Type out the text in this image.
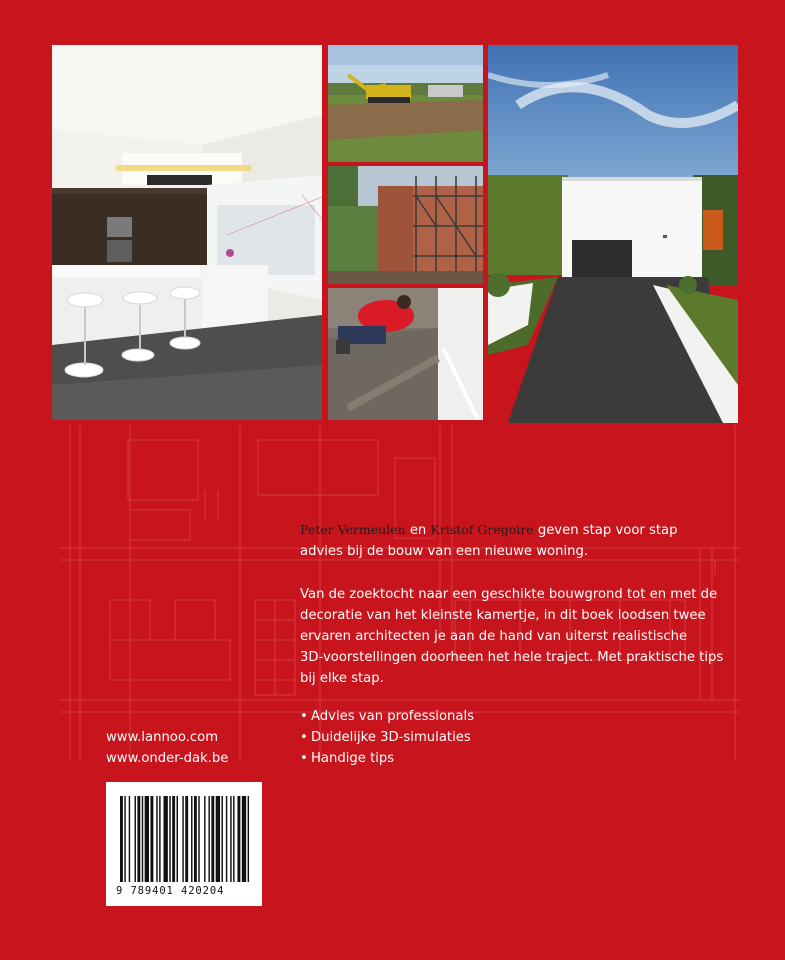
Peter Vermeulen en Kristof Gregoire geven stap voor stap
advies bij de bouw van een nieuwe woning.
Van de zoektocht naar een geschikte bouwgrond tot en met de
decoratie van het kleinste kamertje, in dit boek loodsen twee
ervaren architecten je aan de hand van uiterst realistische
3D-voorstellingen doorheen het hele traject. Met praktische tips
bij elke stap.
• Advies van professionals
• Duidelijke 3D-simulaties
• Handige tips
www.lannoo.com
www.onder-dak.be
9 789401 420204
